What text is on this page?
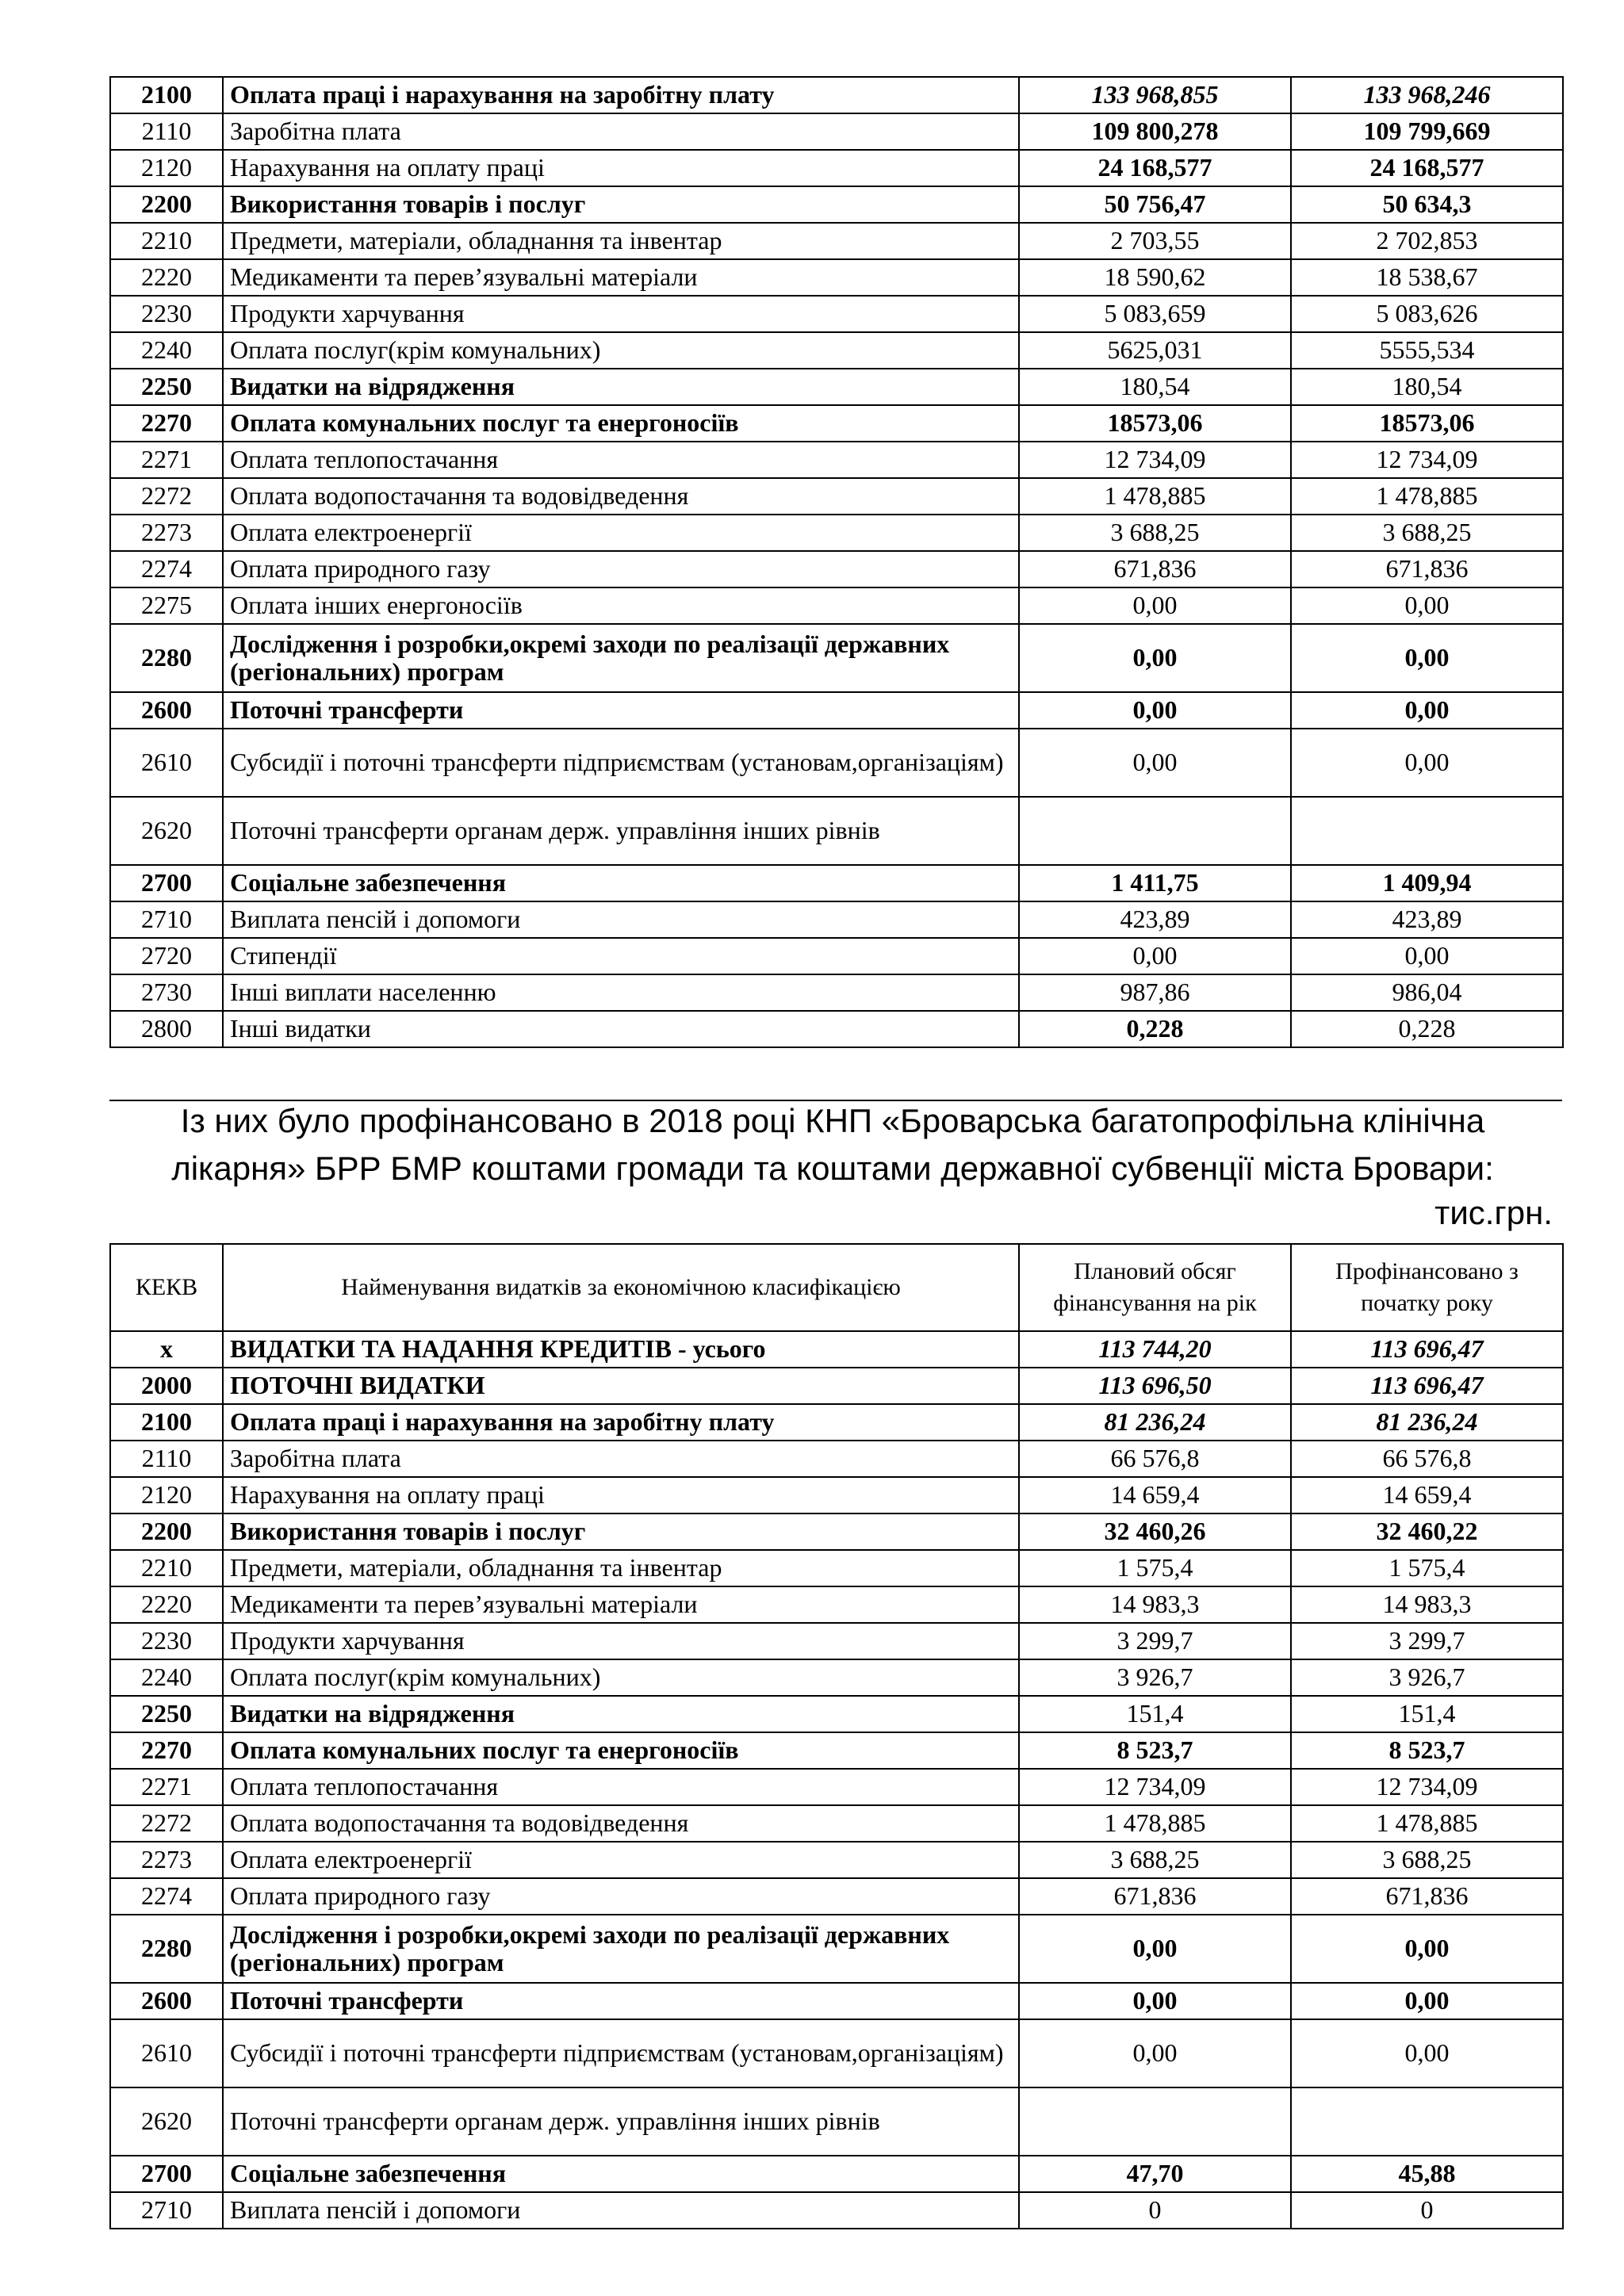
2100	Оплата праці і нарахування на заробітну плату	133 968,855	133 968,246
2110	Заробітна плата	109 800,278	109 799,669
2120	Нарахування на оплату праці	24 168,577	24 168,577
2200	Використання товарів і послуг	50 756,47	50 634,3
2210	Предмети, матеріали, обладнання та інвентар	2 703,55	2 702,853
2220	Медикаменти та перев’язувальні матеріали	18 590,62	18 538,67
2230	Продукти харчування	5 083,659	5 083,626
2240	Оплата послуг(крім комунальних)	5625,031	5555,534
2250	Видатки на відрядження	180,54	180,54
2270	Оплата комунальних послуг та енергоносіїв	18573,06	18573,06
2271	Оплата теплопостачання	12 734,09	12 734,09
2272	Оплата водопостачання та водовідведення	1 478,885	1 478,885
2273	Оплата електроенергії	3 688,25	3 688,25
2274	Оплата природного газу	671,836	671,836
2275	Оплата інших енергоносіїв	0,00	0,00
2280	Дослідження і розробки,окремі заходи по реалізації державних (регіональних) програм	0,00	0,00
2600	Поточні трансферти	0,00	0,00
2610	Субсидії і поточні трансферти підприємствам (установам,організаціям)	0,00	0,00
2620	Поточні трансферти органам держ. управління інших рівнів		
2700	Соціальне забезпечення	1 411,75	1 409,94
2710	Виплата пенсій і допомоги	423,89	423,89
2720	Стипендії	0,00	0,00
2730	Інші виплати населенню	987,86	986,04
2800	Інші видатки	0,228	0,228
Із них було профінансовано в 2018 році КНП «Броварська багатопрофільна клінічна лікарня» БРР БМР коштами громади та коштами державної субвенції міста Бровари:
тис.грн.
КЕКВ	Найменування видатків за економічною класифікацією	Плановий обсяг фінансування на рік	Профінансовано з початку року
х	ВИДАТКИ ТА НАДАННЯ КРЕДИТІВ - усього	113 744,20	113 696,47
2000	ПОТОЧНІ ВИДАТКИ	113 696,50	113 696,47
2100	Оплата праці і нарахування на заробітну плату	81 236,24	81 236,24
2110	Заробітна плата	66 576,8	66 576,8
2120	Нарахування на оплату праці	14 659,4	14 659,4
2200	Використання товарів і послуг	32 460,26	32 460,22
2210	Предмети, матеріали, обладнання та інвентар	1 575,4	1 575,4
2220	Медикаменти та перев’язувальні матеріали	14 983,3	14 983,3
2230	Продукти харчування	3 299,7	3 299,7
2240	Оплата послуг(крім комунальних)	3 926,7	3 926,7
2250	Видатки на відрядження	151,4	151,4
2270	Оплата комунальних послуг та енергоносіїв	8 523,7	8 523,7
2271	Оплата теплопостачання	12 734,09	12 734,09
2272	Оплата водопостачання та водовідведення	1 478,885	1 478,885
2273	Оплата електроенергії	3 688,25	3 688,25
2274	Оплата природного газу	671,836	671,836
2280	Дослідження і розробки,окремі заходи по реалізації державних (регіональних) програм	0,00	0,00
2600	Поточні трансферти	0,00	0,00
2610	Субсидії і поточні трансферти підприємствам (установам,організаціям)	0,00	0,00
2620	Поточні трансферти органам держ. управління інших рівнів		
2700	Соціальне забезпечення	47,70	45,88
2710	Виплата пенсій і допомоги	0	0
